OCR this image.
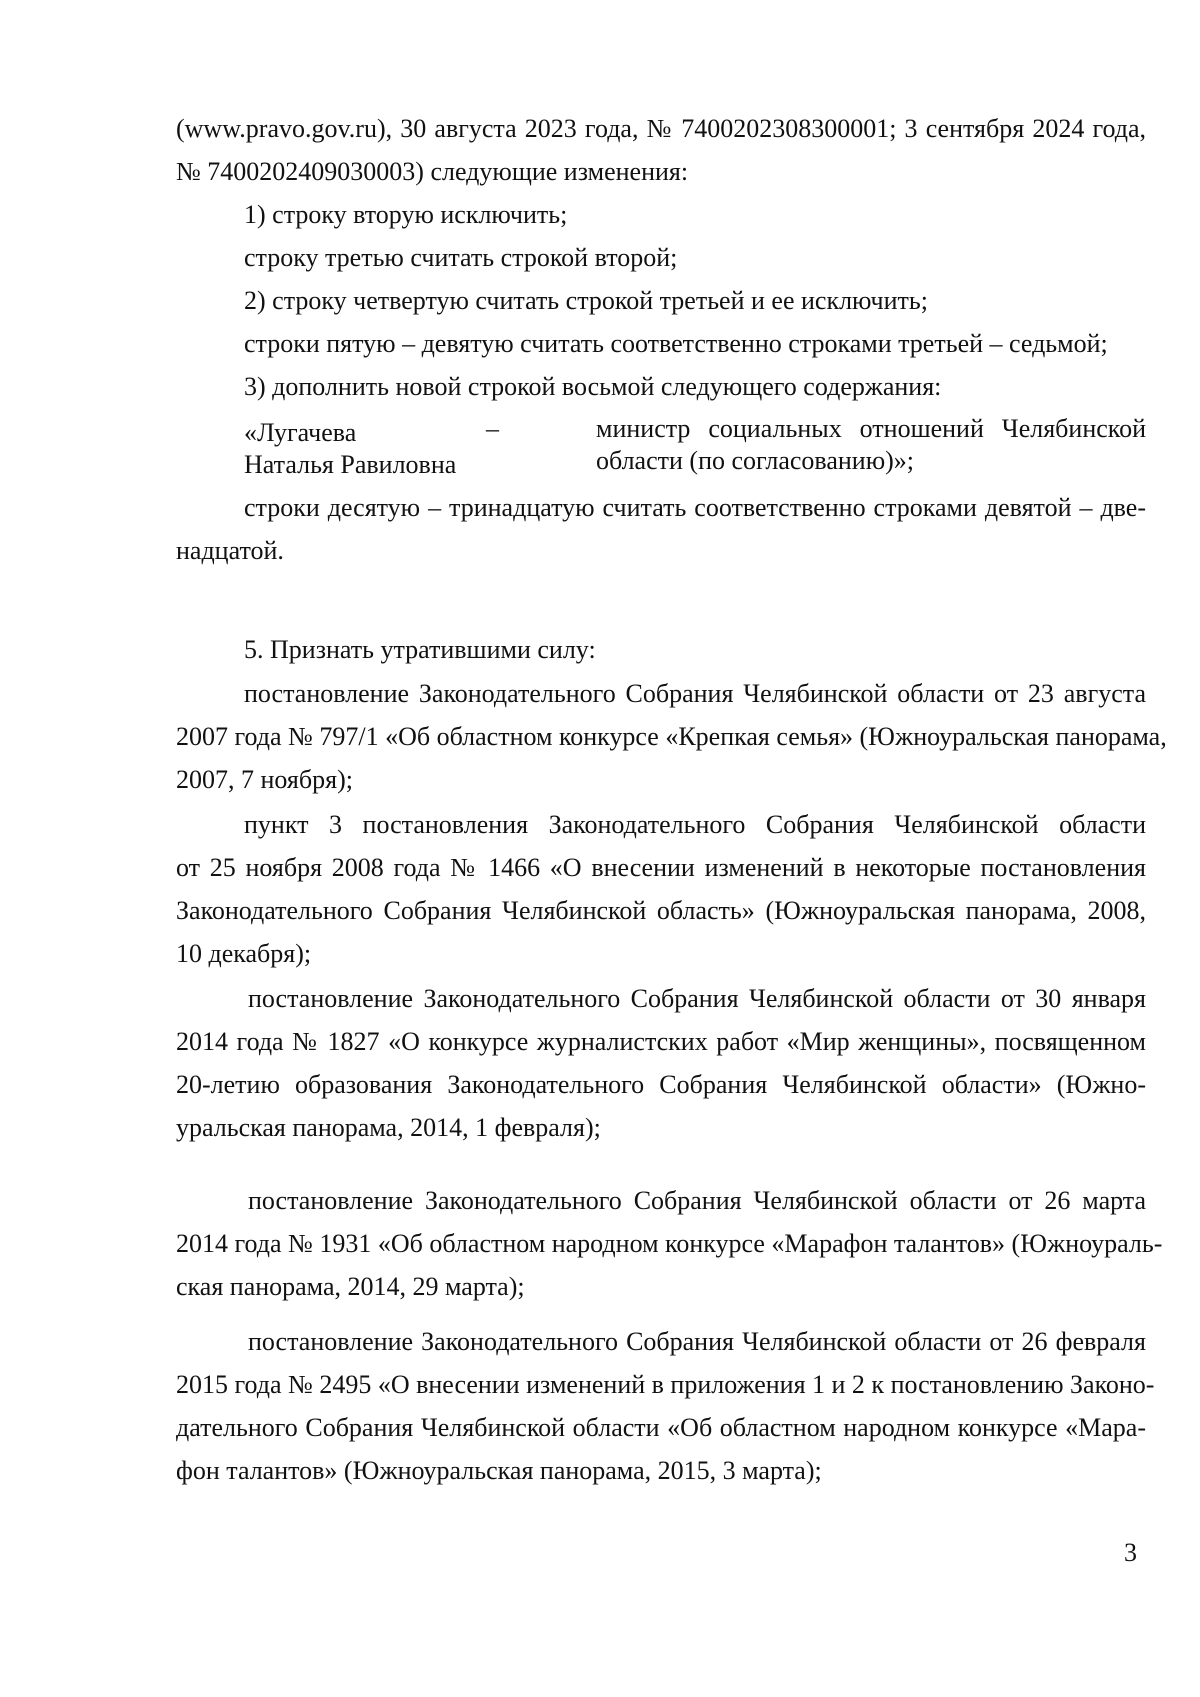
(www.pravo.gov.ru), 30 августа 2023 года, № 7400202308300001; 3 сентября 2024 года,

№ 7400202409030003) следующие изменения:

1) строку вторую исключить;

строку третью считать строкой второй;

2) строку четвертую считать строкой третьей и ее исключить;

строки пятую – девятую считать соответственно строками третьей – седьмой;

3) дополнить новой строкой восьмой следующего содержания:

«Лугачева	–	министр социальных отношений Челябинской
Наталья Равиловна	области (по согласованию)»;

строки десятую – тринадцатую считать соответственно строками девятой – две-

надцатой.

5. Признать утратившими силу:

постановление Законодательного Собрания Челябинской области от 23 августа

2007 года № 797/1 «Об областном конкурсе «Крепкая семья» (Южноуральская панорама,

2007, 7 ноября);

пункт 3 постановления Законодательного Собрания Челябинской области

от 25 ноября 2008 года № 1466 «О внесении изменений в некоторые постановления

Законодательного Собрания Челябинской область» (Южноуральская панорама, 2008,

10 декабря);

постановление Законодательного Собрания Челябинской области от 30 января

2014 года № 1827 «О конкурсе журналистских работ «Мир женщины», посвященном

20-летию образования Законодательного Собрания Челябинской области» (Южно-

уральская панорама, 2014, 1 февраля);

постановление Законодательного Собрания Челябинской области от 26 марта

2014 года № 1931 «Об областном народном конкурсе «Марафон талантов» (Южноураль-

ская панорама, 2014, 29 марта);

постановление Законодательного Собрания Челябинской области от 26 февраля

2015 года № 2495 «О внесении изменений в приложения 1 и 2 к постановлению Законо-

дательного Собрания Челябинской области «Об областном народном конкурсе «Мара-

фон талантов» (Южноуральская панорама, 2015, 3 марта);

3
